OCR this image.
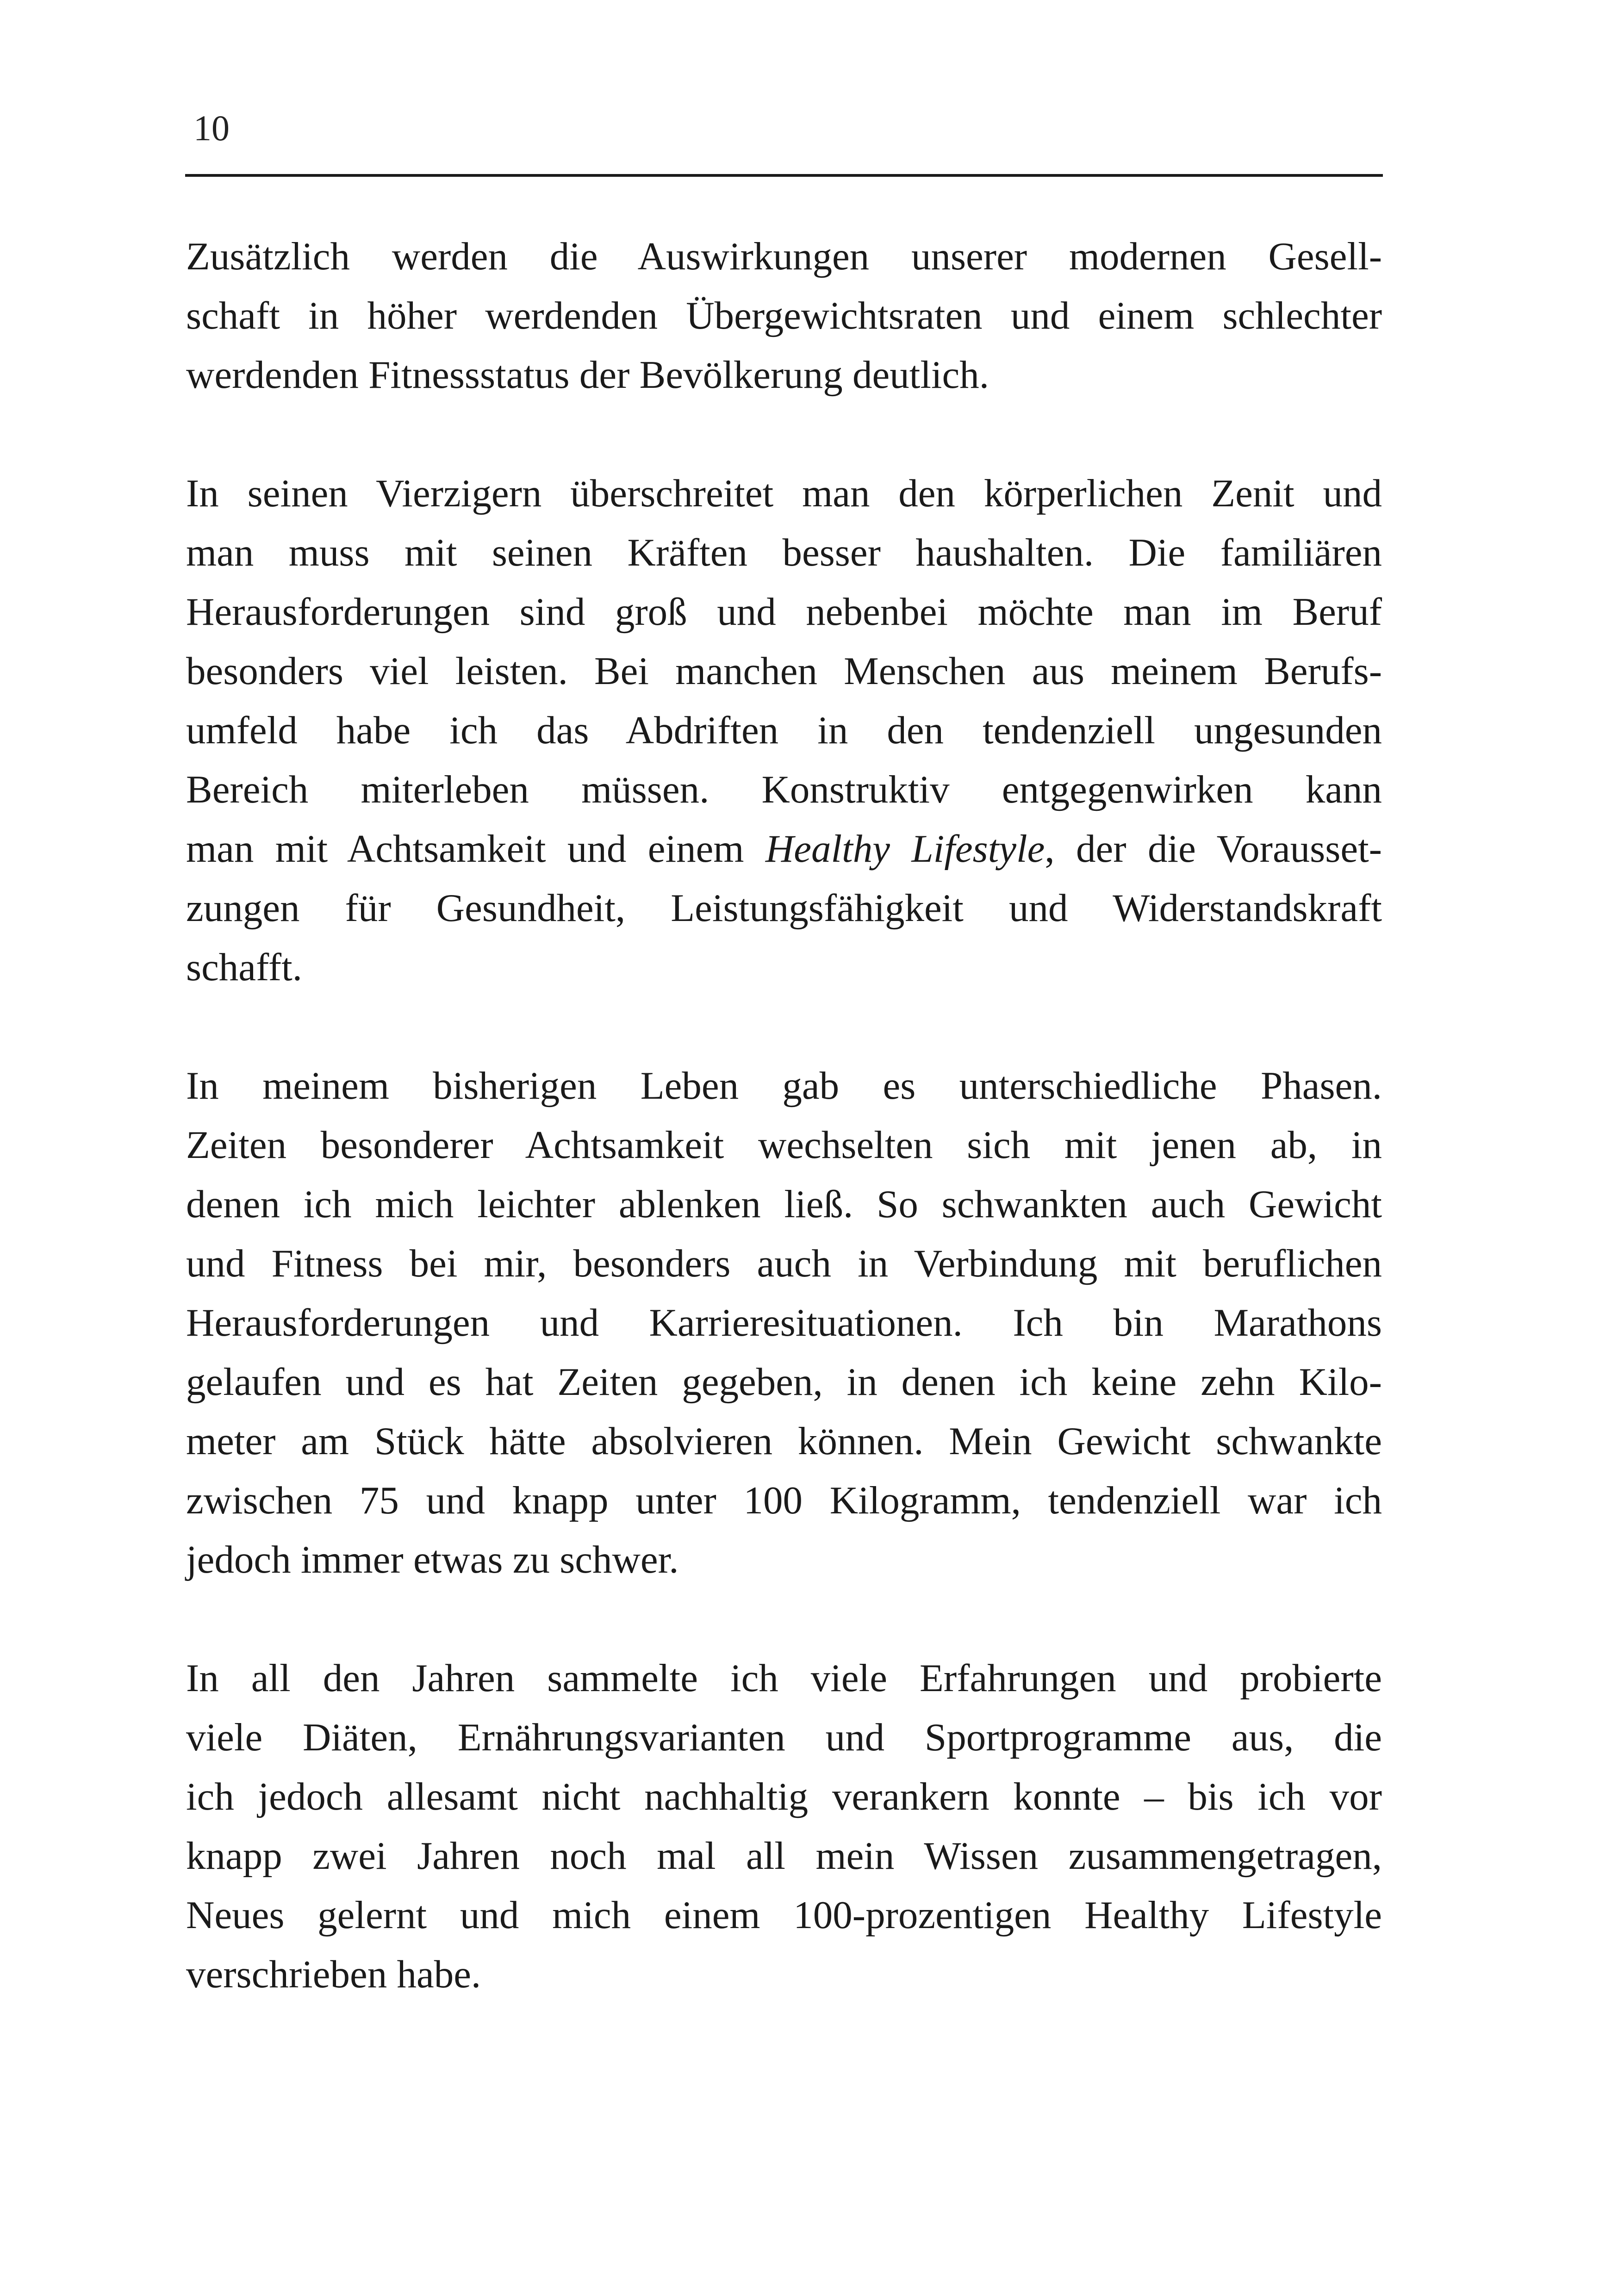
10

Zusätzlich werden die Auswirkungen unserer modernen Gesell-
schaft in höher werdenden Übergewichtsraten und einem schlechter
werdenden Fitnessstatus der Bevölkerung deutlich.

In seinen Vierzigern überschreitet man den körperlichen Zenit und
man muss mit seinen Kräften besser haushalten. Die familiären
Herausforderungen sind groß und nebenbei möchte man im Beruf
besonders viel leisten. Bei manchen Menschen aus meinem Berufs-
umfeld habe ich das Abdriften in den tendenziell ungesunden
Bereich miterleben müssen. Konstruktiv entgegenwirken kann
man mit Achtsamkeit und einem Healthy Lifestyle, der die Vorausset-
zungen für Gesundheit, Leistungsfähigkeit und Widerstandskraft
schafft.

In meinem bisherigen Leben gab es unterschiedliche Phasen.
Zeiten besonderer Achtsamkeit wechselten sich mit jenen ab, in
denen ich mich leichter ablenken ließ. So schwankten auch Gewicht
und Fitness bei mir, besonders auch in Verbindung mit beruflichen
Herausforderungen und Karrieresituationen. Ich bin Marathons
gelaufen und es hat Zeiten gegeben, in denen ich keine zehn Kilo-
meter am Stück hätte absolvieren können. Mein Gewicht schwankte
zwischen 75 und knapp unter 100 Kilogramm, tendenziell war ich
jedoch immer etwas zu schwer.

In all den Jahren sammelte ich viele Erfahrungen und probierte
viele Diäten, Ernährungsvarianten und Sportprogramme aus, die
ich jedoch allesamt nicht nachhaltig verankern konnte – bis ich vor
knapp zwei Jahren noch mal all mein Wissen zusammengetragen,
Neues gelernt und mich einem 100-prozentigen Healthy Lifestyle
verschrieben habe.
